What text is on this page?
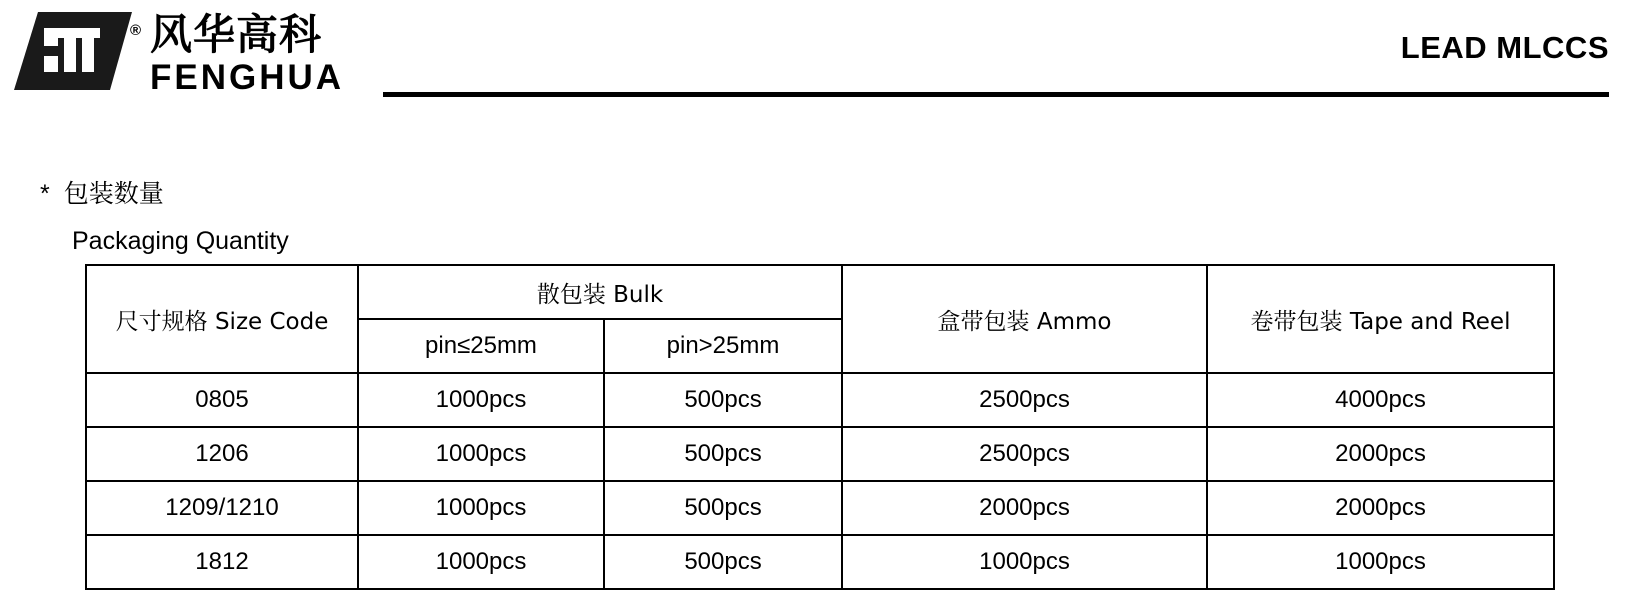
® 风华高科
FENGHUA
LEAD MLCCS
* 包装数量
Packaging Quantity
尺寸规格 Size Code	散包装 Bulk		盒带包装 Ammo	卷带包装 Tape and Reel
	pin≤25mm	pin>25mm		
0805	1000pcs	500pcs	2500pcs	4000pcs
1206	1000pcs	500pcs	2500pcs	2000pcs
1209/1210	1000pcs	500pcs	2000pcs	2000pcs
1812	1000pcs	500pcs	1000pcs	1000pcs
